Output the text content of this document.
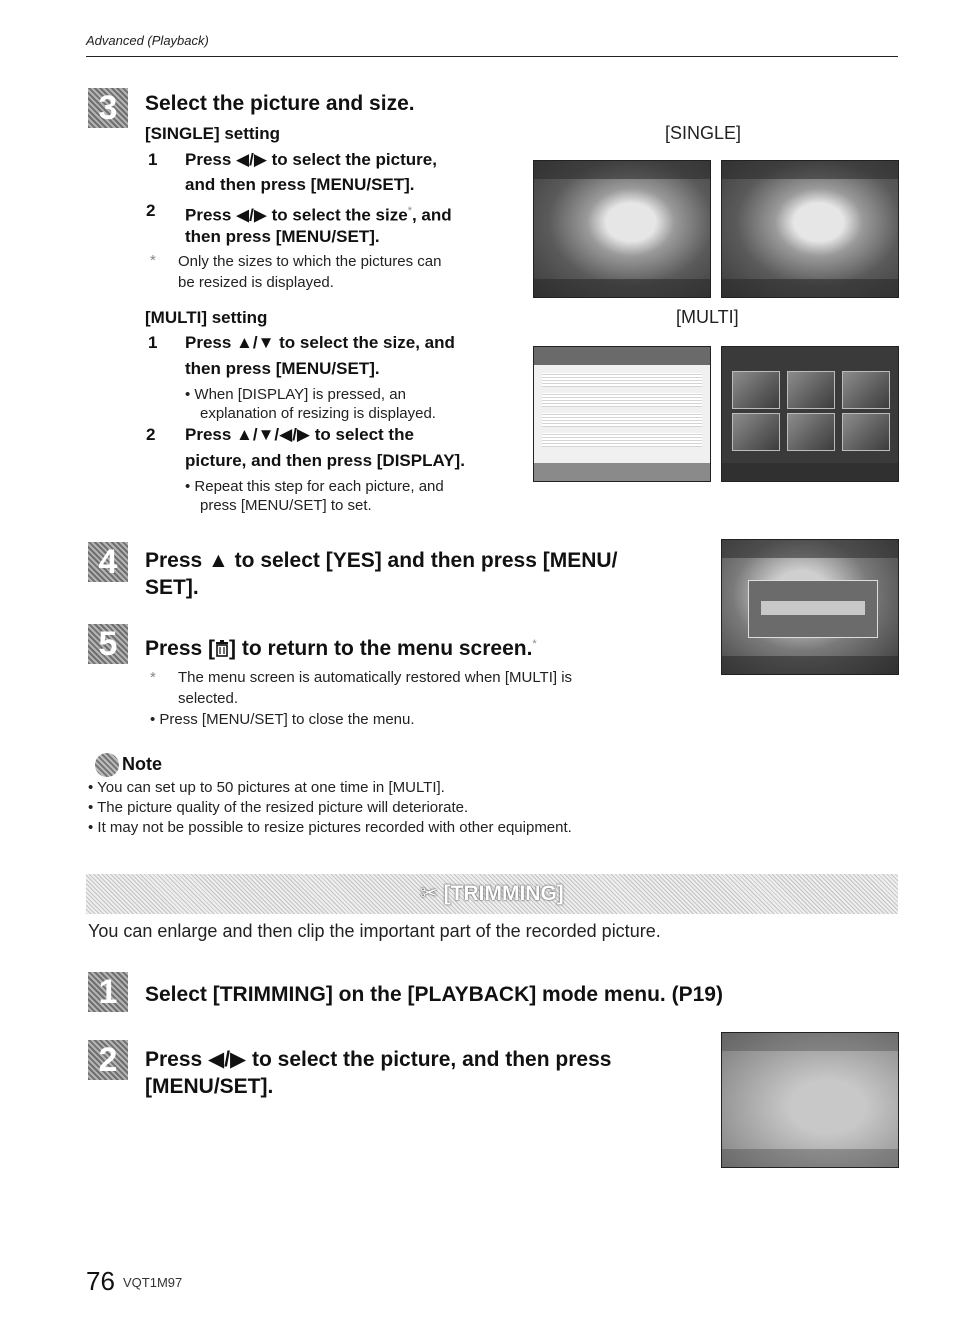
Advanced (Playback)
3	Select the picture and size.
[SINGLE] setting	[SINGLE]
1 Press ◀/▶ to select the picture,
and then press [MENU/SET].
2 Press ◀/▶ to select the size*, and
then press [MENU/SET].
* Only the sizes to which the pictures can
be resized is displayed.
[MULTI] setting	[MULTI]
1 Press ▲/▼ to select the size, and
then press [MENU/SET].
• When [DISPLAY] is pressed, an
explanation of resizing is displayed.
2 Press ▲/▼/◀/▶ to select the
picture, and then press [DISPLAY].
• Repeat this step for each picture, and
press [MENU/SET] to set.
4	Press ▲ to select [YES] and then press [MENU/
SET].
5	Press [ ] to return to the menu screen.*
* The menu screen is automatically restored when [MULTI] is
selected.
• Press [MENU/SET] to close the menu.
Note
• You can set up to 50 pictures at one time in [MULTI].
• The picture quality of the resized picture will deteriorate.
• It may not be possible to resize pictures recorded with other equipment.
✂ [TRIMMING]
You can enlarge and then clip the important part of the recorded picture.
1	Select [TRIMMING] on the [PLAYBACK] mode menu. (P19)
2	Press ◀/▶ to select the picture, and then press
[MENU/SET].
76 VQT1M97
